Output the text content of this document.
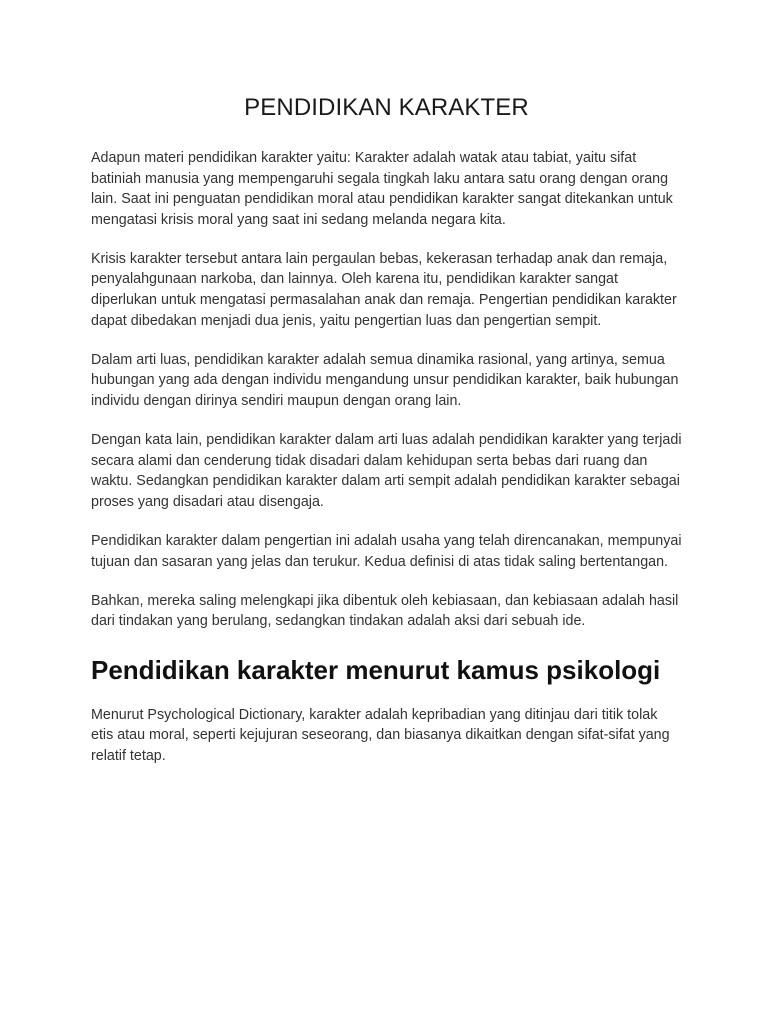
PENDIDIKAN KARAKTER

Adapun materi pendidikan karakter yaitu: Karakter adalah watak atau tabiat, yaitu sifat batiniah manusia yang mempengaruhi segala tingkah laku antara satu orang dengan orang lain. Saat ini penguatan pendidikan moral atau pendidikan karakter sangat ditekankan untuk mengatasi krisis moral yang saat ini sedang melanda negara kita.

Krisis karakter tersebut antara lain pergaulan bebas, kekerasan terhadap anak dan remaja, penyalahgunaan narkoba, dan lainnya. Oleh karena itu, pendidikan karakter sangat diperlukan untuk mengatasi permasalahan anak dan remaja. Pengertian pendidikan karakter dapat dibedakan menjadi dua jenis, yaitu pengertian luas dan pengertian sempit.

Dalam arti luas, pendidikan karakter adalah semua dinamika rasional, yang artinya, semua hubungan yang ada dengan individu mengandung unsur pendidikan karakter, baik hubungan individu dengan dirinya sendiri maupun dengan orang lain.

Dengan kata lain, pendidikan karakter dalam arti luas adalah pendidikan karakter yang terjadi secara alami dan cenderung tidak disadari dalam kehidupan serta bebas dari ruang dan waktu. Sedangkan pendidikan karakter dalam arti sempit adalah pendidikan karakter sebagai proses yang disadari atau disengaja.

Pendidikan karakter dalam pengertian ini adalah usaha yang telah direncanakan, mempunyai tujuan dan sasaran yang jelas dan terukur. Kedua definisi di atas tidak saling bertentangan.

Bahkan, mereka saling melengkapi jika dibentuk oleh kebiasaan, dan kebiasaan adalah hasil dari tindakan yang berulang, sedangkan tindakan adalah aksi dari sebuah ide.

Pendidikan karakter menurut kamus psikologi

Menurut Psychological Dictionary, karakter adalah kepribadian yang ditinjau dari titik tolak etis atau moral, seperti kejujuran seseorang, dan biasanya dikaitkan dengan sifat-sifat yang relatif tetap.
